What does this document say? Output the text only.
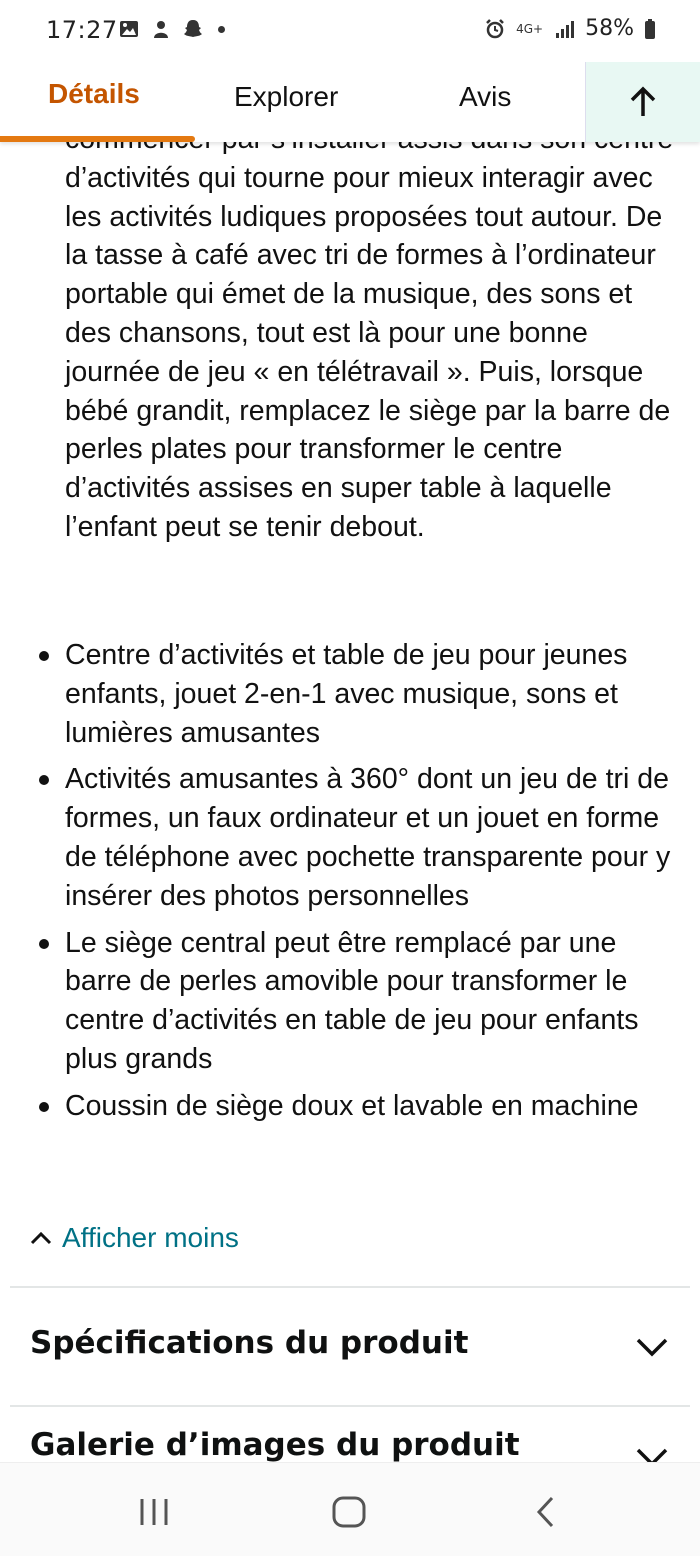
17:27	4G+ 58%

d’activités qui tourne pour mieux interagir avec les activités ludiques proposées tout autour. De la tasse à café avec tri de formes à l’ordinateur portable qui émet de la musique, des sons et des chansons, tout est là pour une bonne journée de jeu « en télétravail ». Puis, lorsque bébé grandit, remplacez le siège par la barre de perles plates pour transformer le centre d’activités assises en super table à laquelle l’enfant peut se tenir debout.

Centre d’activités et table de jeu pour jeunes enfants, jouet 2-en-1 avec musique, sons et lumières amusantes
Activités amusantes à 360° dont un jeu de tri de formes, un faux ordinateur et un jouet en forme de téléphone avec pochette transparente pour y insérer des photos personnelles
Le siège central peut être remplacé par une barre de perles amovible pour transformer le centre d’activités en table de jeu pour enfants plus grands
Coussin de siège doux et lavable en machine
Afficher moins
Spécifications du produit
Galerie d’images du produit
Détails	Explorer	Avis
